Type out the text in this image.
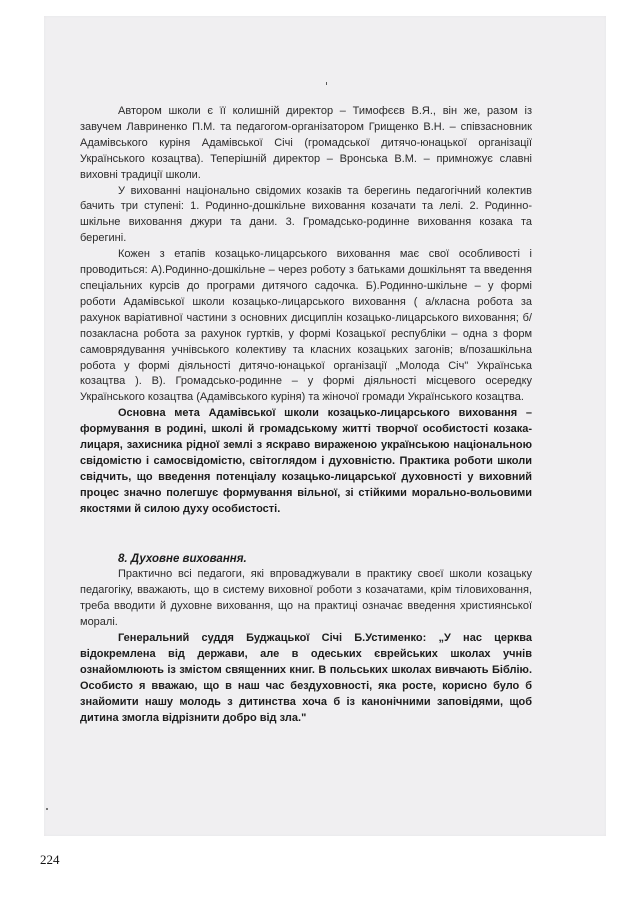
Автором школи є її колишній директор – Тимофєєв В.Я., він же, разом із завучем Лавриненко П.М. та педагогом-організатором Грищенко В.Н. – співзасновник Адамівського куріня Адамівської Січі (громадської дитячо-юнацької організації Українського козацтва). Теперішній директор – Вронська В.М. – примножує славні виховні традиції школи.

У вихованні національно свідомих козаків та берегинь педагогічний колектив бачить три ступені: 1. Родинно-дошкільне виховання козачати та лелі. 2. Родинно-шкільне виховання джури та дани. 3. Громадсько-родинне виховання козака та берегині.

Кожен з етапів козацько-лицарського виховання має свої особливості і проводиться: А).Родинно-дошкільне – через роботу з батьками дошкільнят та введення спеціальних курсів до програми дитячого садочка. Б).Родинно-шкільне – у формі роботи Адамівської школи козацько-лицарського виховання ( а/класна робота за рахунок варіативної частини з основних дисциплін козацько-лицарського виховання; б/позакласна робота за рахунок гуртків, у формі Козацької республіки – одна з форм самоврядування учнівського колективу та класних козацьких загонів; в/позашкільна робота у формі діяльності дитячо-юнацької організації „Молода Січ" Українська козацтва ). В). Громадсько-родинне – у формі діяльності місцевого осередку Українського козацтва (Адамівського куріня) та жіночої громади Українського козацтва.

Основна мета Адамівської школи козацько-лицарського виховання – формування в родині, школі й громадському житті творчої особистості козака-лицаря, захисника рідної землі з яскраво вираженою українською національною свідомістю і самосвідомістю, світоглядом і духовністю. Практика роботи школи свідчить, що введення потенціалу козацько-лицарської духовності у виховний процес значно полегшує формування вільної, зі стійкими морально-вольовими якостями й силою духу особистості.

8. Духовне виховання.

Практично всі педагоги, які впроваджували в практику своєї школи козацьку педагогіку, вважають, що в систему виховної роботи з козачатами, крім тіловиховання, треба вводити й духовне виховання, що на практиці означає введення християнської моралі.

Генеральний суддя Буджацької Січі Б.Устименко: „У нас церква відокремлена від держави, але в одеських єврейських школах учнів ознайомлюють із змістом священних книг. В польських школах вивчають Біблію. Особисто я вважаю, що в наш час бездуховності, яка росте, корисно було б знайомити нашу молодь з дитинства хоча б із канонічними заповідями, щоб дитина змогла відрізнити добро від зла."

224
